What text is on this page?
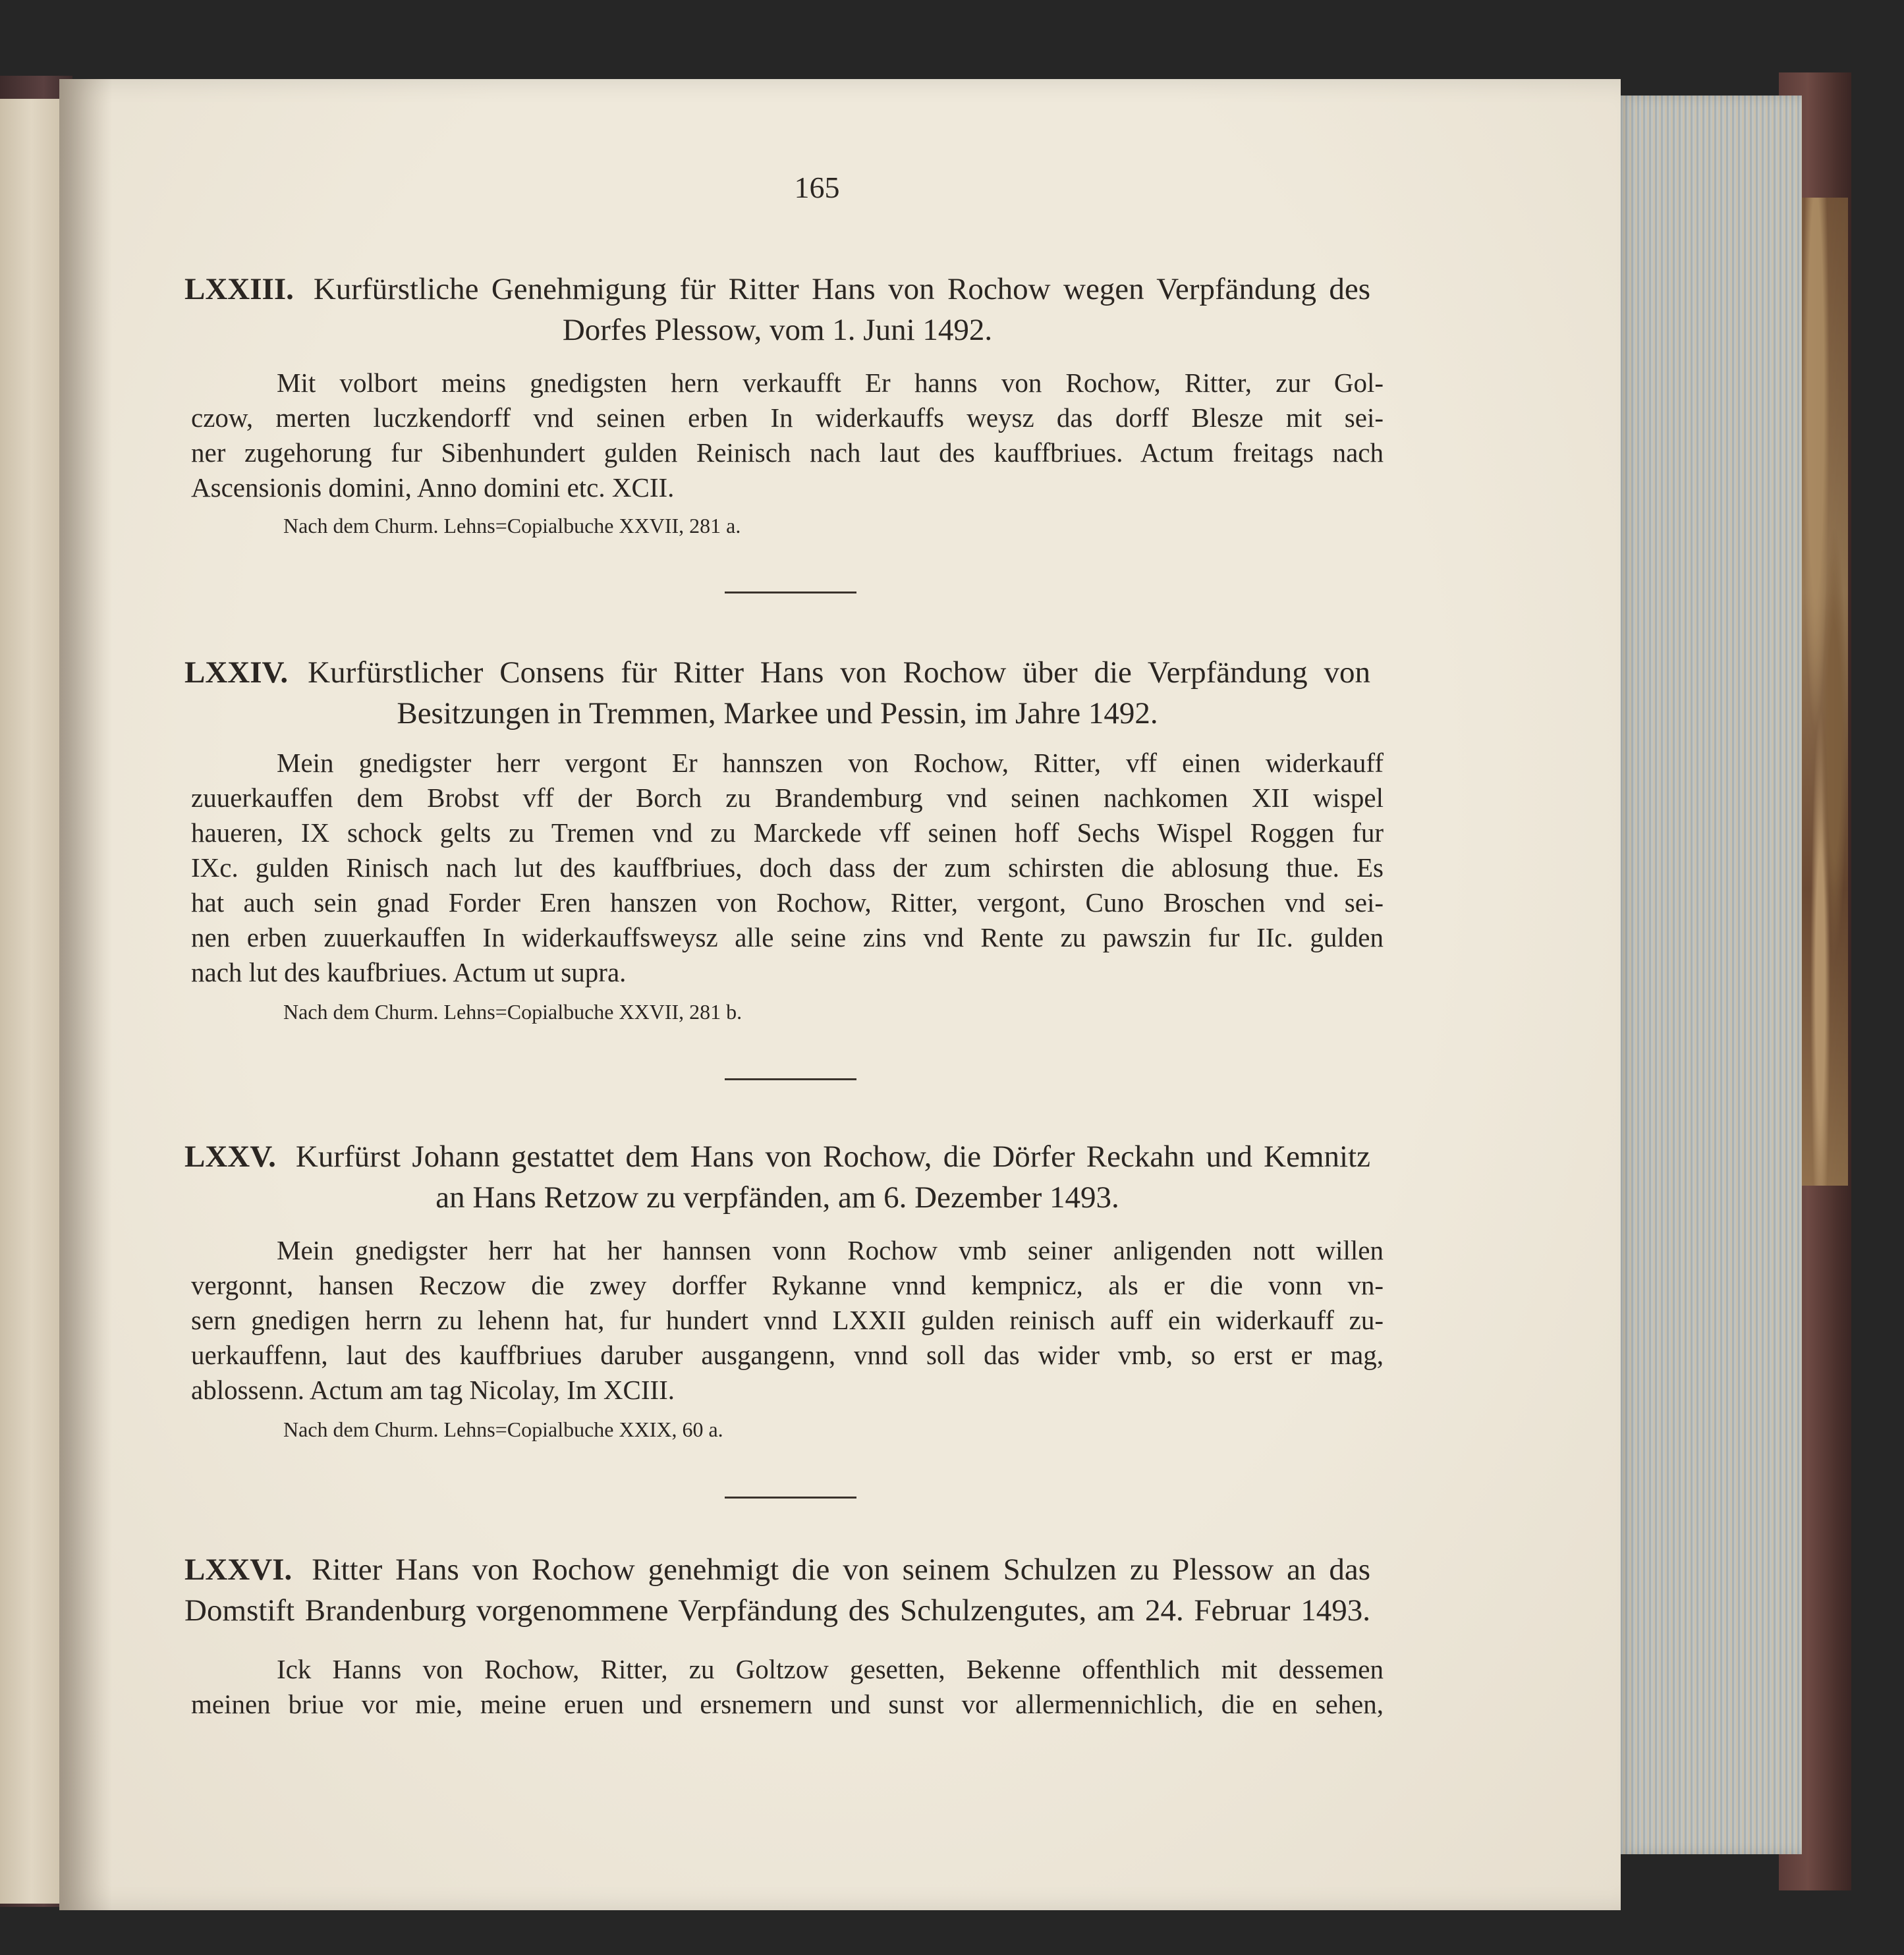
165
LXXIII. Kurfürstliche Genehmigung für Ritter Hans von Rochow wegen Verpfändung des
Dorfes Plessow, vom 1. Juni 1492.
Mit volbort meins gnedigsten hern verkaufft Er hanns von Rochow, Ritter, zur Gol-
czow, merten luczkendorff vnd seinen erben In widerkauffs weysz das dorff Blesze mit sei-
ner zugehorung fur Sibenhundert gulden Reinisch nach laut des kauffbriues. Actum freitags nach
Ascensionis domini, Anno domini etc. XCII.
Nach dem Churm. Lehns=Copialbuche XXVII, 281 a.
LXXIV. Kurfürstlicher Consens für Ritter Hans von Rochow über die Verpfändung von
Besitzungen in Tremmen, Markee und Pessin, im Jahre 1492.
Mein gnedigster herr vergont Er hannszen von Rochow, Ritter, vff einen widerkauff
zuuerkauffen dem Brobst vff der Borch zu Brandemburg vnd seinen nachkomen XII wispel
haueren, IX schock gelts zu Tremen vnd zu Marckede vff seinen hoff Sechs Wispel Roggen fur
IXc. gulden Rinisch nach lut des kauffbriues, doch dass der zum schirsten die ablosung thue. Es
hat auch sein gnad Forder Eren hanszen von Rochow, Ritter, vergont, Cuno Broschen vnd sei-
nen erben zuuerkauffen In widerkauffsweysz alle seine zins vnd Rente zu pawszin fur IIc. gulden
nach lut des kaufbriues. Actum ut supra.
Nach dem Churm. Lehns=Copialbuche XXVII, 281 b.
LXXV. Kurfürst Johann gestattet dem Hans von Rochow, die Dörfer Reckahn und Kemnitz
an Hans Retzow zu verpfänden, am 6. Dezember 1493.
Mein gnedigster herr hat her hannsen vonn Rochow vmb seiner anligenden nott willen
vergonnt, hansen Reczow die zwey dorffer Rykanne vnnd kempnicz, als er die vonn vn-
sern gnedigen herrn zu lehenn hat, fur hundert vnnd LXXII gulden reinisch auff ein widerkauff zu-
uerkauffenn, laut des kauffbriues daruber ausgangenn, vnnd soll das wider vmb, so erst er mag,
ablossenn. Actum am tag Nicolay, Im XCIII.
Nach dem Churm. Lehns=Copialbuche XXIX, 60 a.
LXXVI. Ritter Hans von Rochow genehmigt die von seinem Schulzen zu Plessow an das
Domstift Brandenburg vorgenommene Verpfändung des Schulzengutes, am 24. Februar 1493.
Ick Hanns von Rochow, Ritter, zu Goltzow gesetten, Bekenne offenthlich mit dessemen
meinen briue vor mie, meine eruen und ersnemern und sunst vor allermennichlich, die en sehen,
